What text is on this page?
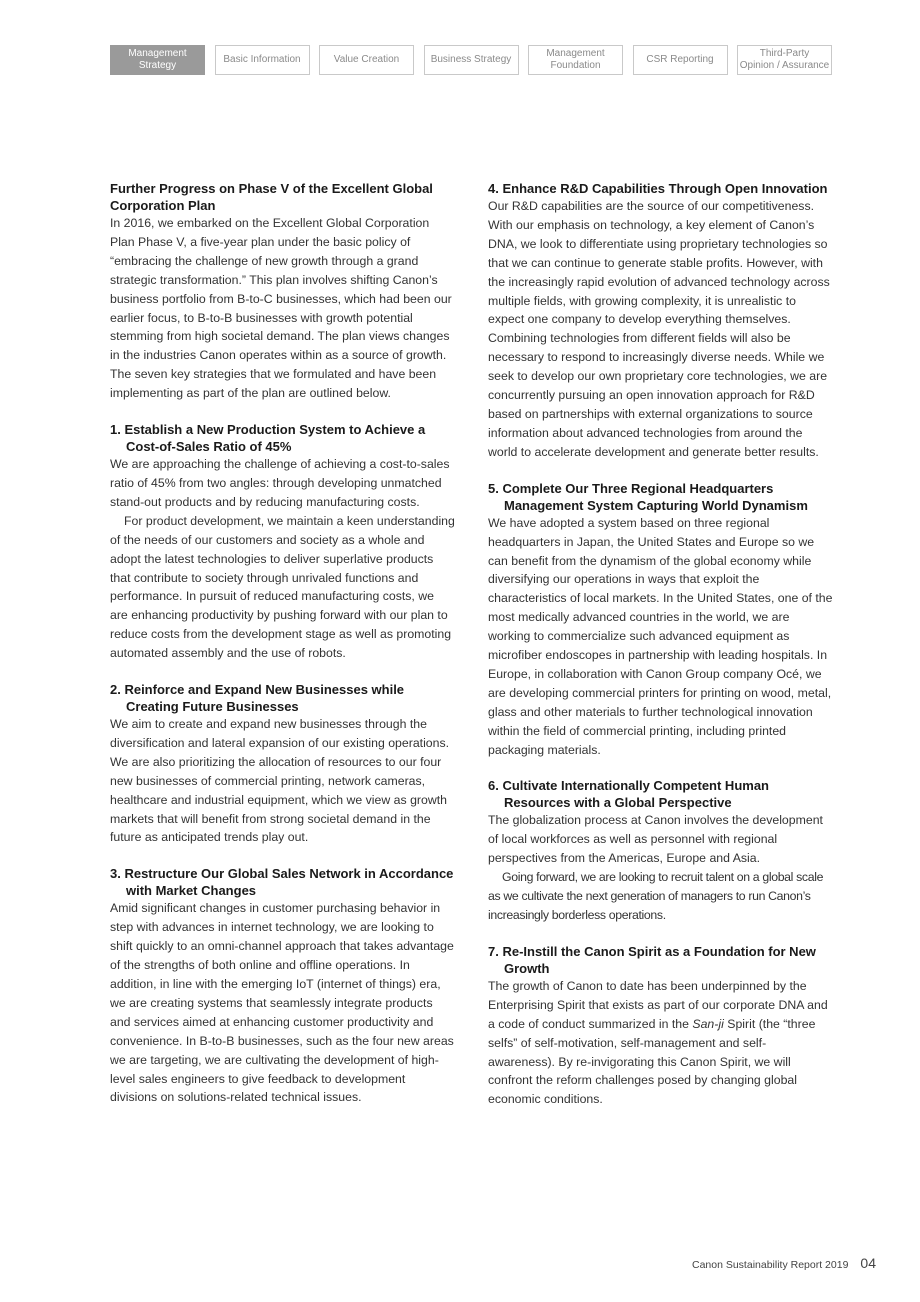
Management
Strategy
Basic Information	Value Creation	Business Strategy
Management
Foundation
CSR Reporting
Third-Party
Opinion / Assurance
Further Progress on Phase V of the Excellent Global Corporation Plan

In 2016, we embarked on the Excellent Global Corporation Plan Phase V, a five-year plan under the basic policy of “embracing the challenge of new growth through a grand strategic transformation.” This plan involves shifting Canon’s business portfolio from B-to-C businesses, which had been our earlier focus, to B-to-B businesses with growth potential stemming from high societal demand. The plan views changes in the industries Canon operates within as a source of growth. The seven key strategies that we formulated and have been implementing as part of the plan are outlined below.

1. Establish a New Production System to Achieve a Cost-of-Sales Ratio of 45%

We are approaching the challenge of achieving a cost-to-sales ratio of 45% from two angles: through developing unmatched stand-out products and by reducing manufacturing costs.

For product development, we maintain a keen understanding of the needs of our customers and society as a whole and adopt the latest technologies to deliver superlative products that contribute to society through unrivaled functions and performance. In pursuit of reduced manufacturing costs, we are enhancing productivity by pushing forward with our plan to reduce costs from the development stage as well as promoting automated assembly and the use of robots.

2. Reinforce and Expand New Businesses while Creating Future Businesses

We aim to create and expand new businesses through the diversification and lateral expansion of our existing operations. We are also prioritizing the allocation of resources to our four new businesses of commercial printing, network cameras, healthcare and industrial equipment, which we view as growth markets that will benefit from strong societal demand in the future as anticipated trends play out.

3. Restructure Our Global Sales Network in Accordance with Market Changes

Amid significant changes in customer purchasing behavior in step with advances in internet technology, we are looking to shift quickly to an omni-channel approach that takes advantage of the strengths of both online and offline operations. In addition, in line with the emerging IoT (internet of things) era, we are creating systems that seamlessly integrate products and services aimed at enhancing customer productivity and convenience. In B-to-B businesses, such as the four new areas we are targeting, we are cultivating the development of high-level sales engineers to give feedback to development divisions on solutions-related technical issues.

4. Enhance R&D Capabilities Through Open Innovation

Our R&D capabilities are the source of our competitiveness. With our emphasis on technology, a key element of Canon’s DNA, we look to differentiate using proprietary technologies so that we can continue to generate stable profits. However, with the increasingly rapid evolution of advanced technology across multiple fields, with growing complexity, it is unrealistic to expect one company to develop everything themselves. Combining technologies from different fields will also be necessary to respond to increasingly diverse needs. While we seek to develop our own proprietary core technologies, we are concurrently pursuing an open innovation approach for R&D based on partnerships with external organizations to source information about advanced technologies from around the world to accelerate development and generate better results.

5. Complete Our Three Regional Headquarters Management System Capturing World Dynamism

We have adopted a system based on three regional headquarters in Japan, the United States and Europe so we can benefit from the dynamism of the global economy while diversifying our operations in ways that exploit the characteristics of local markets. In the United States, one of the most medically advanced countries in the world, we are working to commercialize such advanced equipment as microfiber endoscopes in partnership with leading hospitals. In Europe, in collaboration with Canon Group company Océ, we are developing commercial printers for printing on wood, metal, glass and other materials to further technological innovation within the field of commercial printing, including printed packaging materials.

6. Cultivate Internationally Competent Human Resources with a Global Perspective

The globalization process at Canon involves the development of local workforces as well as personnel with regional perspectives from the Americas, Europe and Asia.

Going forward, we are looking to recruit talent on a global scale as we cultivate the next generation of managers to run Canon’s increasingly borderless operations.

7. Re-Instill the Canon Spirit as a Foundation for New Growth

The growth of Canon to date has been underpinned by the Enterprising Spirit that exists as part of our corporate DNA and a code of conduct summarized in the San-ji Spirit (the “three selfs” of self-motivation, self-management and self-awareness). By re-invigorating this Canon Spirit, we will confront the reform challenges posed by changing global economic conditions.

Canon Sustainability Report 2019 04
